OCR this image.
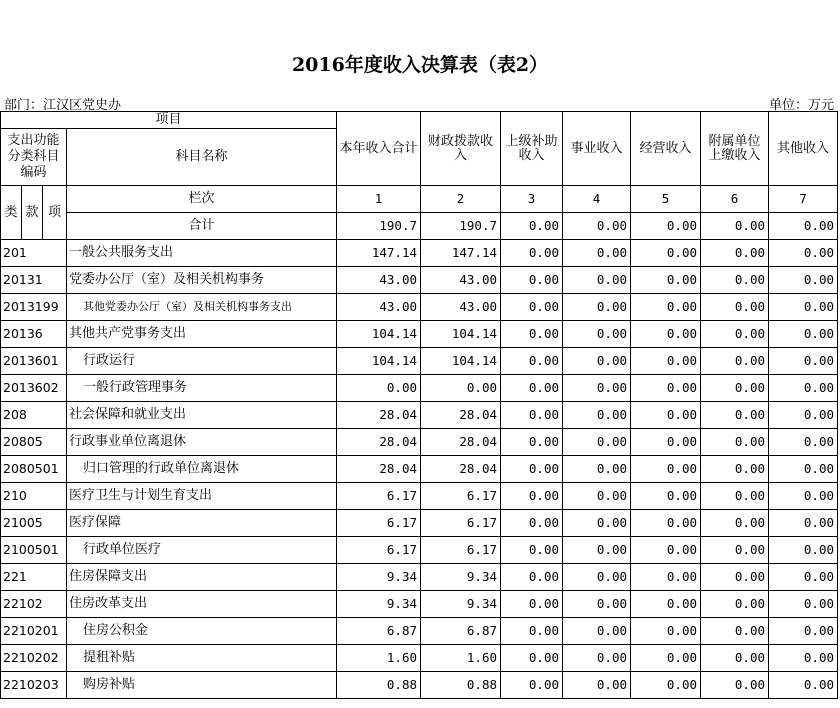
2016年度收入决算表（表2）
部门：江汉区党史办	单位：万元
项目				本年收入合计	财政拨款收入	上级补助收入	事业收入	经营收入	附属单位上缴收入	其他收入
支出功能分类科目编码			科目名称							
类	款	项	栏次	1	2	3	4	5	6	7
			合计	190.7	190.7	0.00	0.00	0.00	0.00	0.00
201			一般公共服务支出	147.14	147.14	0.00	0.00	0.00	0.00	0.00
20131			党委办公厅（室）及相关机构事务	43.00	43.00	0.00	0.00	0.00	0.00	0.00
2013199			其他党委办公厅（室）及相关机构事务支出	43.00	43.00	0.00	0.00	0.00	0.00	0.00
20136			其他共产党事务支出	104.14	104.14	0.00	0.00	0.00	0.00	0.00
2013601			行政运行	104.14	104.14	0.00	0.00	0.00	0.00	0.00
2013602			一般行政管理事务	0.00	0.00	0.00	0.00	0.00	0.00	0.00
208			社会保障和就业支出	28.04	28.04	0.00	0.00	0.00	0.00	0.00
20805			行政事业单位离退休	28.04	28.04	0.00	0.00	0.00	0.00	0.00
2080501			归口管理的行政单位离退休	28.04	28.04	0.00	0.00	0.00	0.00	0.00
210			医疗卫生与计划生育支出	6.17	6.17	0.00	0.00	0.00	0.00	0.00
21005			医疗保障	6.17	6.17	0.00	0.00	0.00	0.00	0.00
2100501			行政单位医疗	6.17	6.17	0.00	0.00	0.00	0.00	0.00
221			住房保障支出	9.34	9.34	0.00	0.00	0.00	0.00	0.00
22102			住房改革支出	9.34	9.34	0.00	0.00	0.00	0.00	0.00
2210201			住房公积金	6.87	6.87	0.00	0.00	0.00	0.00	0.00
2210202			提租补贴	1.60	1.60	0.00	0.00	0.00	0.00	0.00
2210203			购房补贴	0.88	0.88	0.00	0.00	0.00	0.00	0.00
